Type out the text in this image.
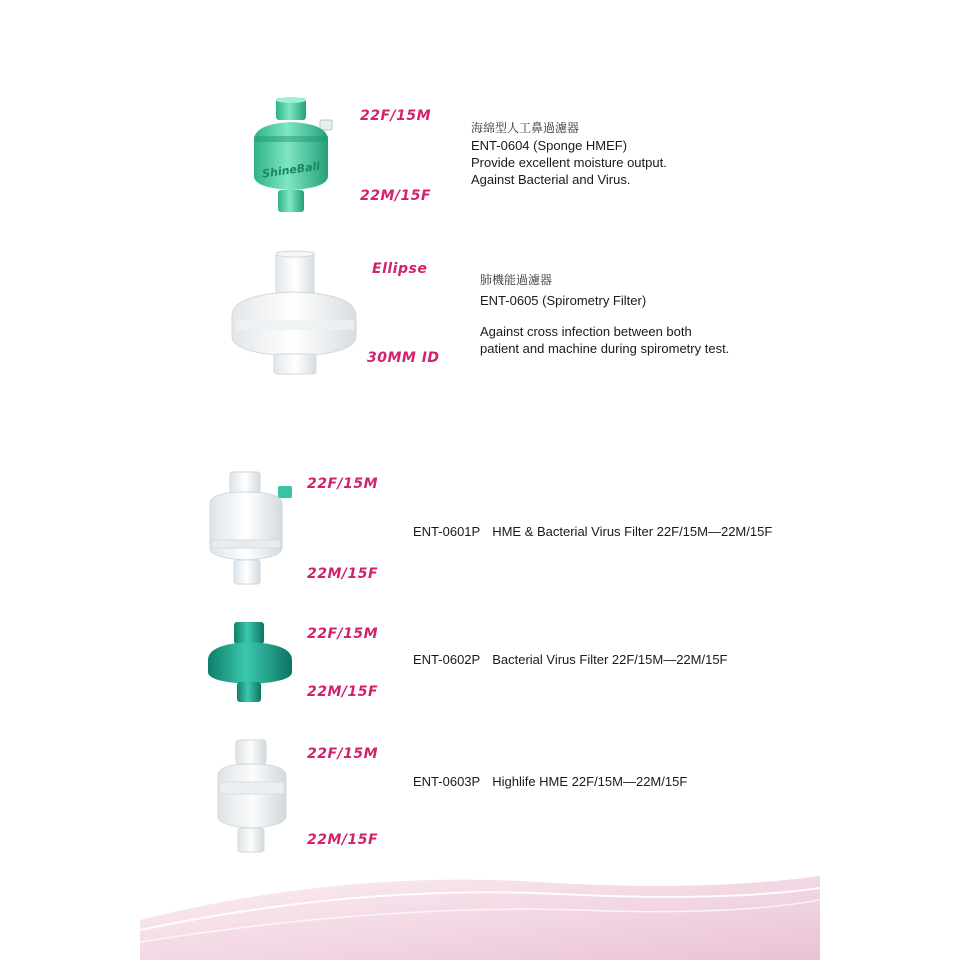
ShineBall
22F/15M
22M/15F
海綿型人工鼻過濾器
ENT-0604 (Sponge HMEF)
Provide excellent moisture output.
Against Bacterial and Virus.
Ellipse
30MM ID
肺機能過濾器
ENT-0605 (Spirometry Filter)
Against cross infection between both
patient and machine during spirometry test.
22F/15M
22M/15F
ENT-0601P HME & Bacterial Virus Filter 22F/15M—22M/15F
22F/15M
22M/15F
ENT-0602P Bacterial Virus Filter 22F/15M—22M/15F
22F/15M
22M/15F
ENT-0603P Highlife HME 22F/15M—22M/15F
